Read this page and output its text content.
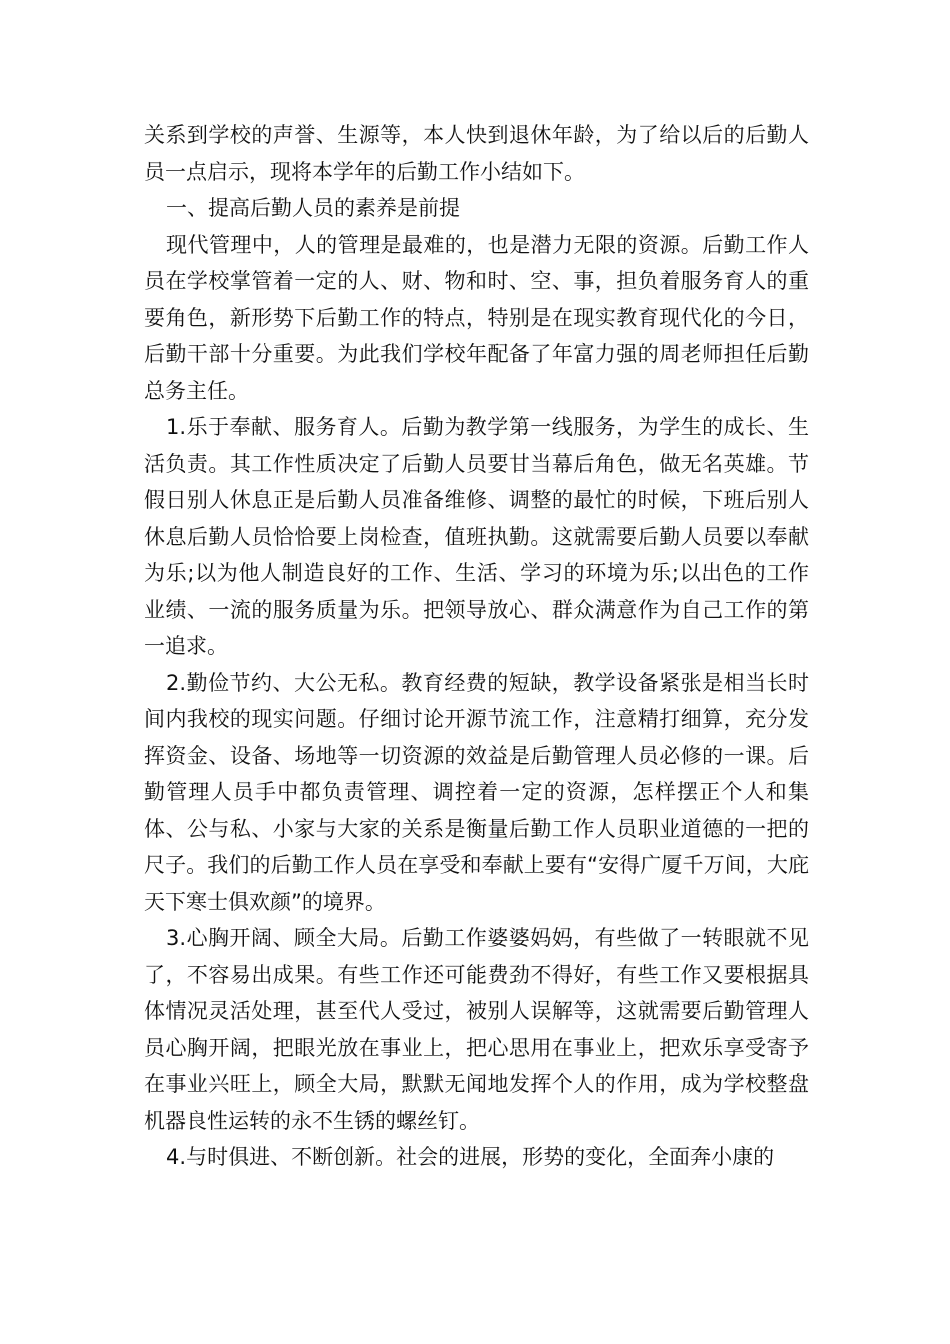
关系到学校的声誉、生源等，本人快到退休年龄，为了给以后的后勤人员一点启示，现将本学年的后勤工作小结如下。

一、提高后勤人员的素养是前提

现代管理中，人的管理是最难的，也是潜力无限的资源。后勤工作人员在学校掌管着一定的人、财、物和时、空、事，担负着服务育人的重要角色，新形势下后勤工作的特点，特别是在现实教育现代化的今日，后勤干部十分重要。为此我们学校年配备了年富力强的周老师担任后勤总务主任。

1.乐于奉献、服务育人。后勤为教学第一线服务，为学生的成长、生活负责。其工作性质决定了后勤人员要甘当幕后角色，做无名英雄。节假日别人休息正是后勤人员准备维修、调整的最忙的时候，下班后别人休息后勤人员恰恰要上岗检查，值班执勤。这就需要后勤人员要以奉献为乐;以为他人制造良好的工作、生活、学习的环境为乐;以出色的工作业绩、一流的服务质量为乐。把领导放心、群众满意作为自己工作的第一追求。

2.勤俭节约、大公无私。教育经费的短缺，教学设备紧张是相当长时间内我校的现实问题。仔细讨论开源节流工作，注意精打细算，充分发挥资金、设备、场地等一切资源的效益是后勤管理人员必修的一课。后勤管理人员手中都负责管理、调控着一定的资源，怎样摆正个人和集体、公与私、小家与大家的关系是衡量后勤工作人员职业道德的一把的尺子。我们的后勤工作人员在享受和奉献上要有“安得广厦千万间，大庇天下寒士俱欢颜”的境界。

3.心胸开阔、顾全大局。后勤工作婆婆妈妈，有些做了一转眼就不见了，不容易出成果。有些工作还可能费劲不得好，有些工作又要根据具体情况灵活处理，甚至代人受过，被别人误解等，这就需要后勤管理人员心胸开阔，把眼光放在事业上，把心思用在事业上，把欢乐享受寄予在事业兴旺上，顾全大局，默默无闻地发挥个人的作用，成为学校整盘机器良性运转的永不生锈的螺丝钉。

4.与时俱进、不断创新。社会的进展，形势的变化，全面奔小康的
